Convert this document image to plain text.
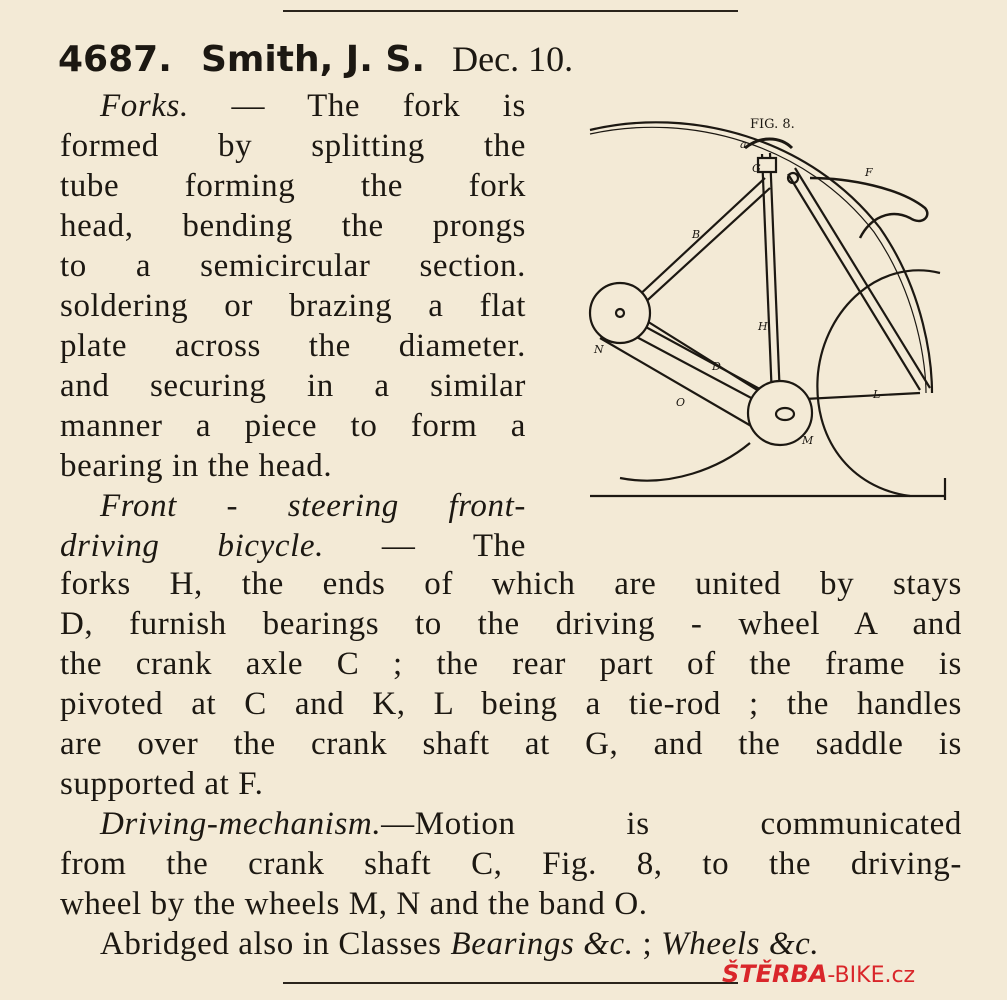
4687. Smith, J. S. Dec. 10.
Forks. — The fork is
formed by splitting the
tube forming the fork
head, bending the prongs
to a semicircular section.
soldering or brazing a flat
plate across the diameter.
and securing in a similar
manner a piece to form a
bearing in the head.
Front - steering front-
driving bicycle. — The
forks H, the ends of which are united by stays
D, furnish bearings to the driving - wheel A and
the crank axle C ; the rear part of the frame is
pivoted at C and K, L being a tie-rod ; the handles
are over the crank shaft at G, and the saddle is
supported at F.
Driving-mechanism.—Motion is communicated
from the crank shaft C, Fig. 8, to the driving-
wheel by the wheels M, N and the band O.
Abridged also in Classes Bearings &c. ; Wheels &c.
FIG. 8.
a
G
B
F
H
N
D
O
L
M
ŠTĚRBA-BIKE.cz
